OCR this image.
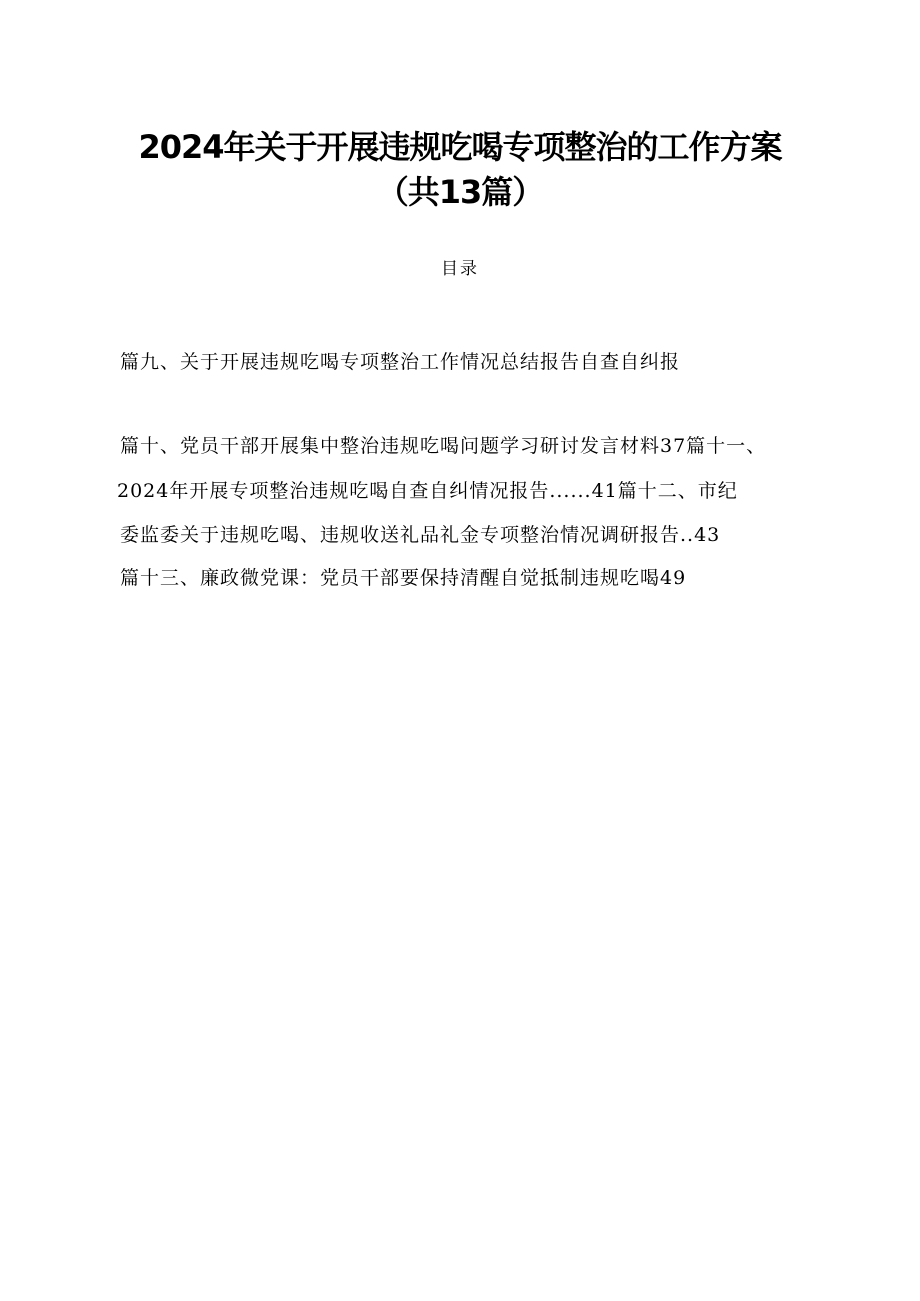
2024年关于开展违规吃喝专项整治的工作方案
（共13篇）
目录
篇九、关于开展违规吃喝专项整治工作情况总结报告自查自纠报
篇十、党员干部开展集中整治违规吃喝问题学习研讨发言材料37篇十一、
2024年开展专项整治违规吃喝自查自纠情况报告......41篇十二、市纪
委监委关于违规吃喝、违规收送礼品礼金专项整治情况调研报告..43
篇十三、廉政微党课：党员干部要保持清醒自觉抵制违规吃喝49
